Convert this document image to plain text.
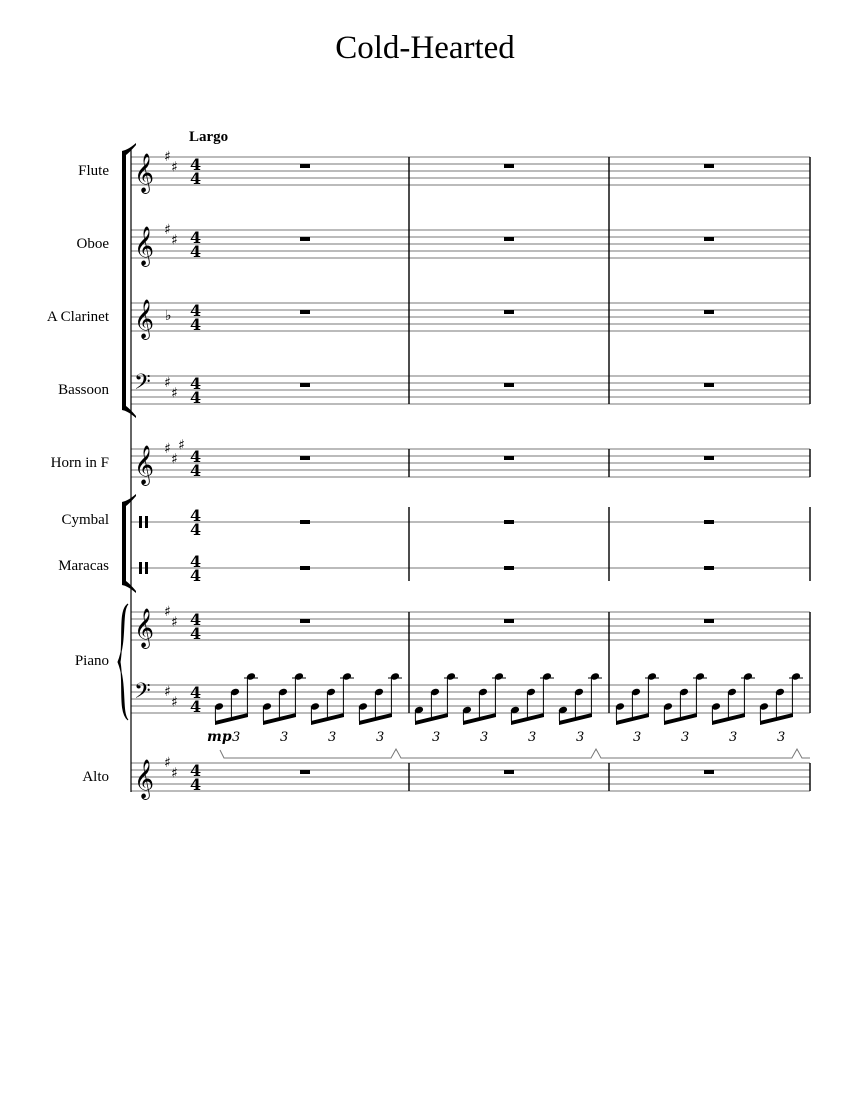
Cold-Hearted
Largo
Flute
Oboe
A Clarinet
Bassoon
Horn in F
Cymbal
Maracas
Piano
Alto
𝄞 ♯
♯ 4
4
𝄞 ♯
♯ 4
4
𝄞 ♭ 4
4
𝄢 ♯
♯
4
4
𝄞 ♯
♯
♯
4
4
4
4
4
4
𝄞 ♯
♯ 4
4
𝄞 ♯
♯ 4
4
𝄢 ♯
♯
4
4
3	3	3	3	3	3	3	3	3	3	3	3
mp
